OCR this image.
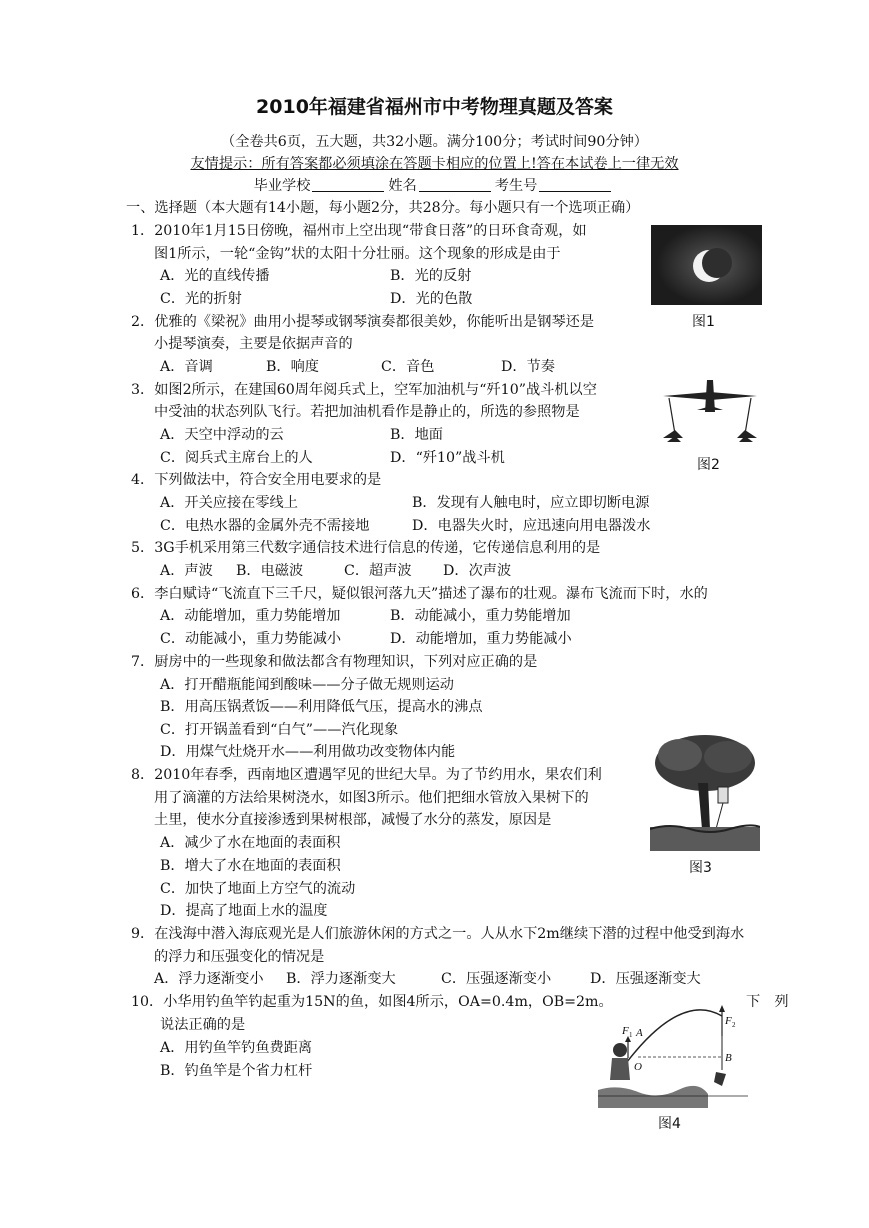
2010年福建省福州市中考物理真题及答案
（全卷共6页，五大题，共32小题。满分100分；考试时间90分钟）
友情提示：所有答案都必须填涂在答题卡相应的位置上!答在本试卷上一律无效
毕业学校	姓名	考生号
一、选择题（本大题有14小题，每小题2分，共28分。每小题只有一个选项正确）
1．2010年1月15日傍晚，福州市上空出现“带食日落”的日环食奇观，如
图1所示，一轮“金钩”状的太阳十分壮丽。这个现象的形成是由于
A．光的直线传播	B．光的反射
C．光的折射	D．光的色散
2．优雅的《梁祝》曲用小提琴或钢琴演奏都很美妙，你能听出是钢琴还是
小提琴演奏，主要是依据声音的
A．音调	B．响度	C．音色	D．节奏
3．如图2所示，在建国60周年阅兵式上，空军加油机与“歼10”战斗机以空
中受油的状态列队飞行。若把加油机看作是静止的，所选的参照物是
A．天空中浮动的云	B．地面
C．阅兵式主席台上的人	D．“歼10”战斗机
4．下列做法中，符合安全用电要求的是
A．开关应接在零线上	B．发现有人触电时，应立即切断电源
C．电热水器的金属外壳不需接地	D．电器失火时，应迅速向用电器泼水
5．3G手机采用第三代数字通信技术进行信息的传递，它传递信息利用的是
A．声波 B．电磁波	C．超声波 D．次声波
6．李白赋诗“飞流直下三千尺，疑似银河落九天”描述了瀑布的壮观。瀑布飞流而下时，水的
A．动能增加，重力势能增加	B．动能减小，重力势能增加
C．动能减小，重力势能减小	D．动能增加，重力势能减小
7．厨房中的一些现象和做法都含有物理知识，下列对应正确的是
A．打开醋瓶能闻到酸味——分子做无规则运动
B．用高压锅煮饭——利用降低气压，提高水的沸点
C．打开锅盖看到“白气”——汽化现象
D．用煤气灶烧开水——利用做功改变物体内能
8．2010年春季，西南地区遭遇罕见的世纪大旱。为了节约用水，果农们利
用了滴灌的方法给果树浇水，如图3所示。他们把细水管放入果树下的
土里，使水分直接渗透到果树根部，减慢了水分的蒸发，原因是
A．减少了水在地面的表面积
B．增大了水在地面的表面积
C．加快了地面上方空气的流动
D．提高了地面上水的温度
9．在浅海中潜入海底观光是人们旅游休闲的方式之一。人从水下2m继续下潜的过程中他受到海水
的浮力和压强变化的情况是
A．浮力逐渐变小 B．浮力逐渐变大	C．压强逐渐变小	D．压强逐渐变大
10．小华用钓鱼竿钓起重为15N的鱼，如图4所示，OA=0.4m，OB=2m。	下　列
说法正确的是
A．用钓鱼竿钓鱼费距离
B．钓鱼竿是个省力杠杆
图1
图2
图3
F 1 A
O
B
F 2
图4
